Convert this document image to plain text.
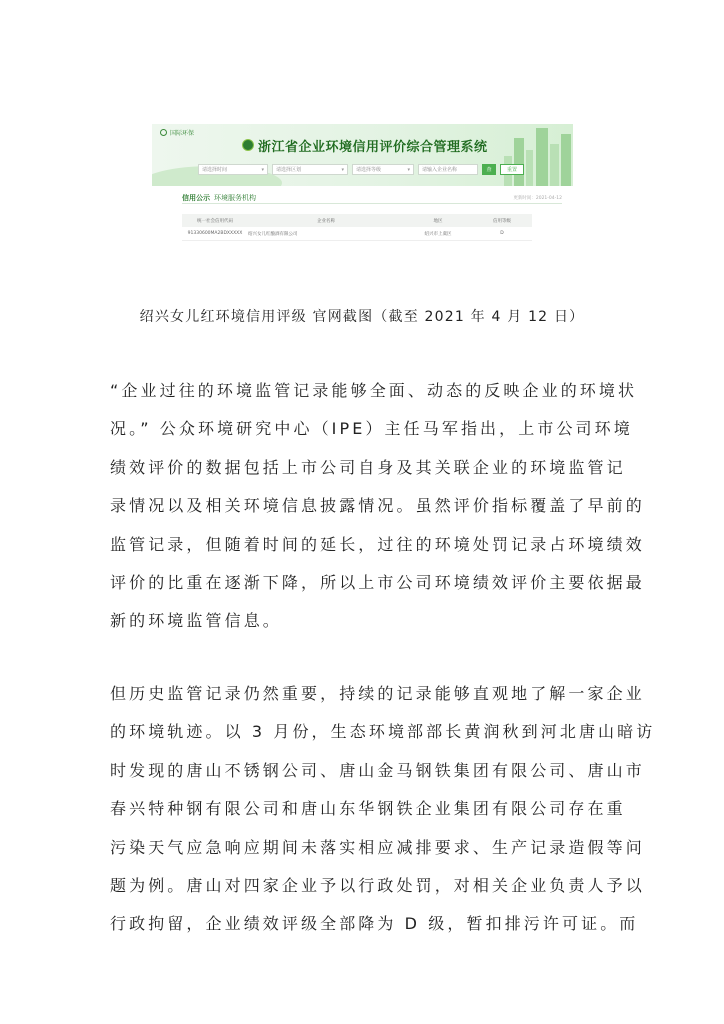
国际环保
浙江省企业环境信用评价综合管理系统
请选择时间	▾ 请选择区划	▾ 请选择等级	▾ 请输入企业名称	查	重置
信用公示 环境服务机构	更新时间：2021-04-12
统一社会信用代码	企业名称	地区	信用等级
91330600MA2BDXXXXX	绍兴女儿红酿酒有限公司	绍兴市上虞区	D
绍兴女儿红环境信用评级 官网截图（截至 2021 年 4 月 12 日）
“企业过往的环境监管记录能够全面、动态的反映企业的环境状
况。” 公众环境研究中心（IPE）主任马军指出，上市公司环境
绩效评价的数据包括上市公司自身及其关联企业的环境监管记
录情况以及相关环境信息披露情况。虽然评价指标覆盖了早前的
监管记录，但随着时间的延长，过往的环境处罚记录占环境绩效
评价的比重在逐渐下降，所以上市公司环境绩效评价主要依据最
新的环境监管信息。
但历史监管记录仍然重要，持续的记录能够直观地了解一家企业
的环境轨迹。以 3 月份，生态环境部部长黄润秋到河北唐山暗访
时发现的唐山不锈钢公司、唐山金马钢铁集团有限公司、唐山市
春兴特种钢有限公司和唐山东华钢铁企业集团有限公司存在重
污染天气应急响应期间未落实相应减排要求、生产记录造假等问
题为例。唐山对四家企业予以行政处罚，对相关企业负责人予以
行政拘留，企业绩效评级全部降为 D 级，暂扣排污许可证。而
